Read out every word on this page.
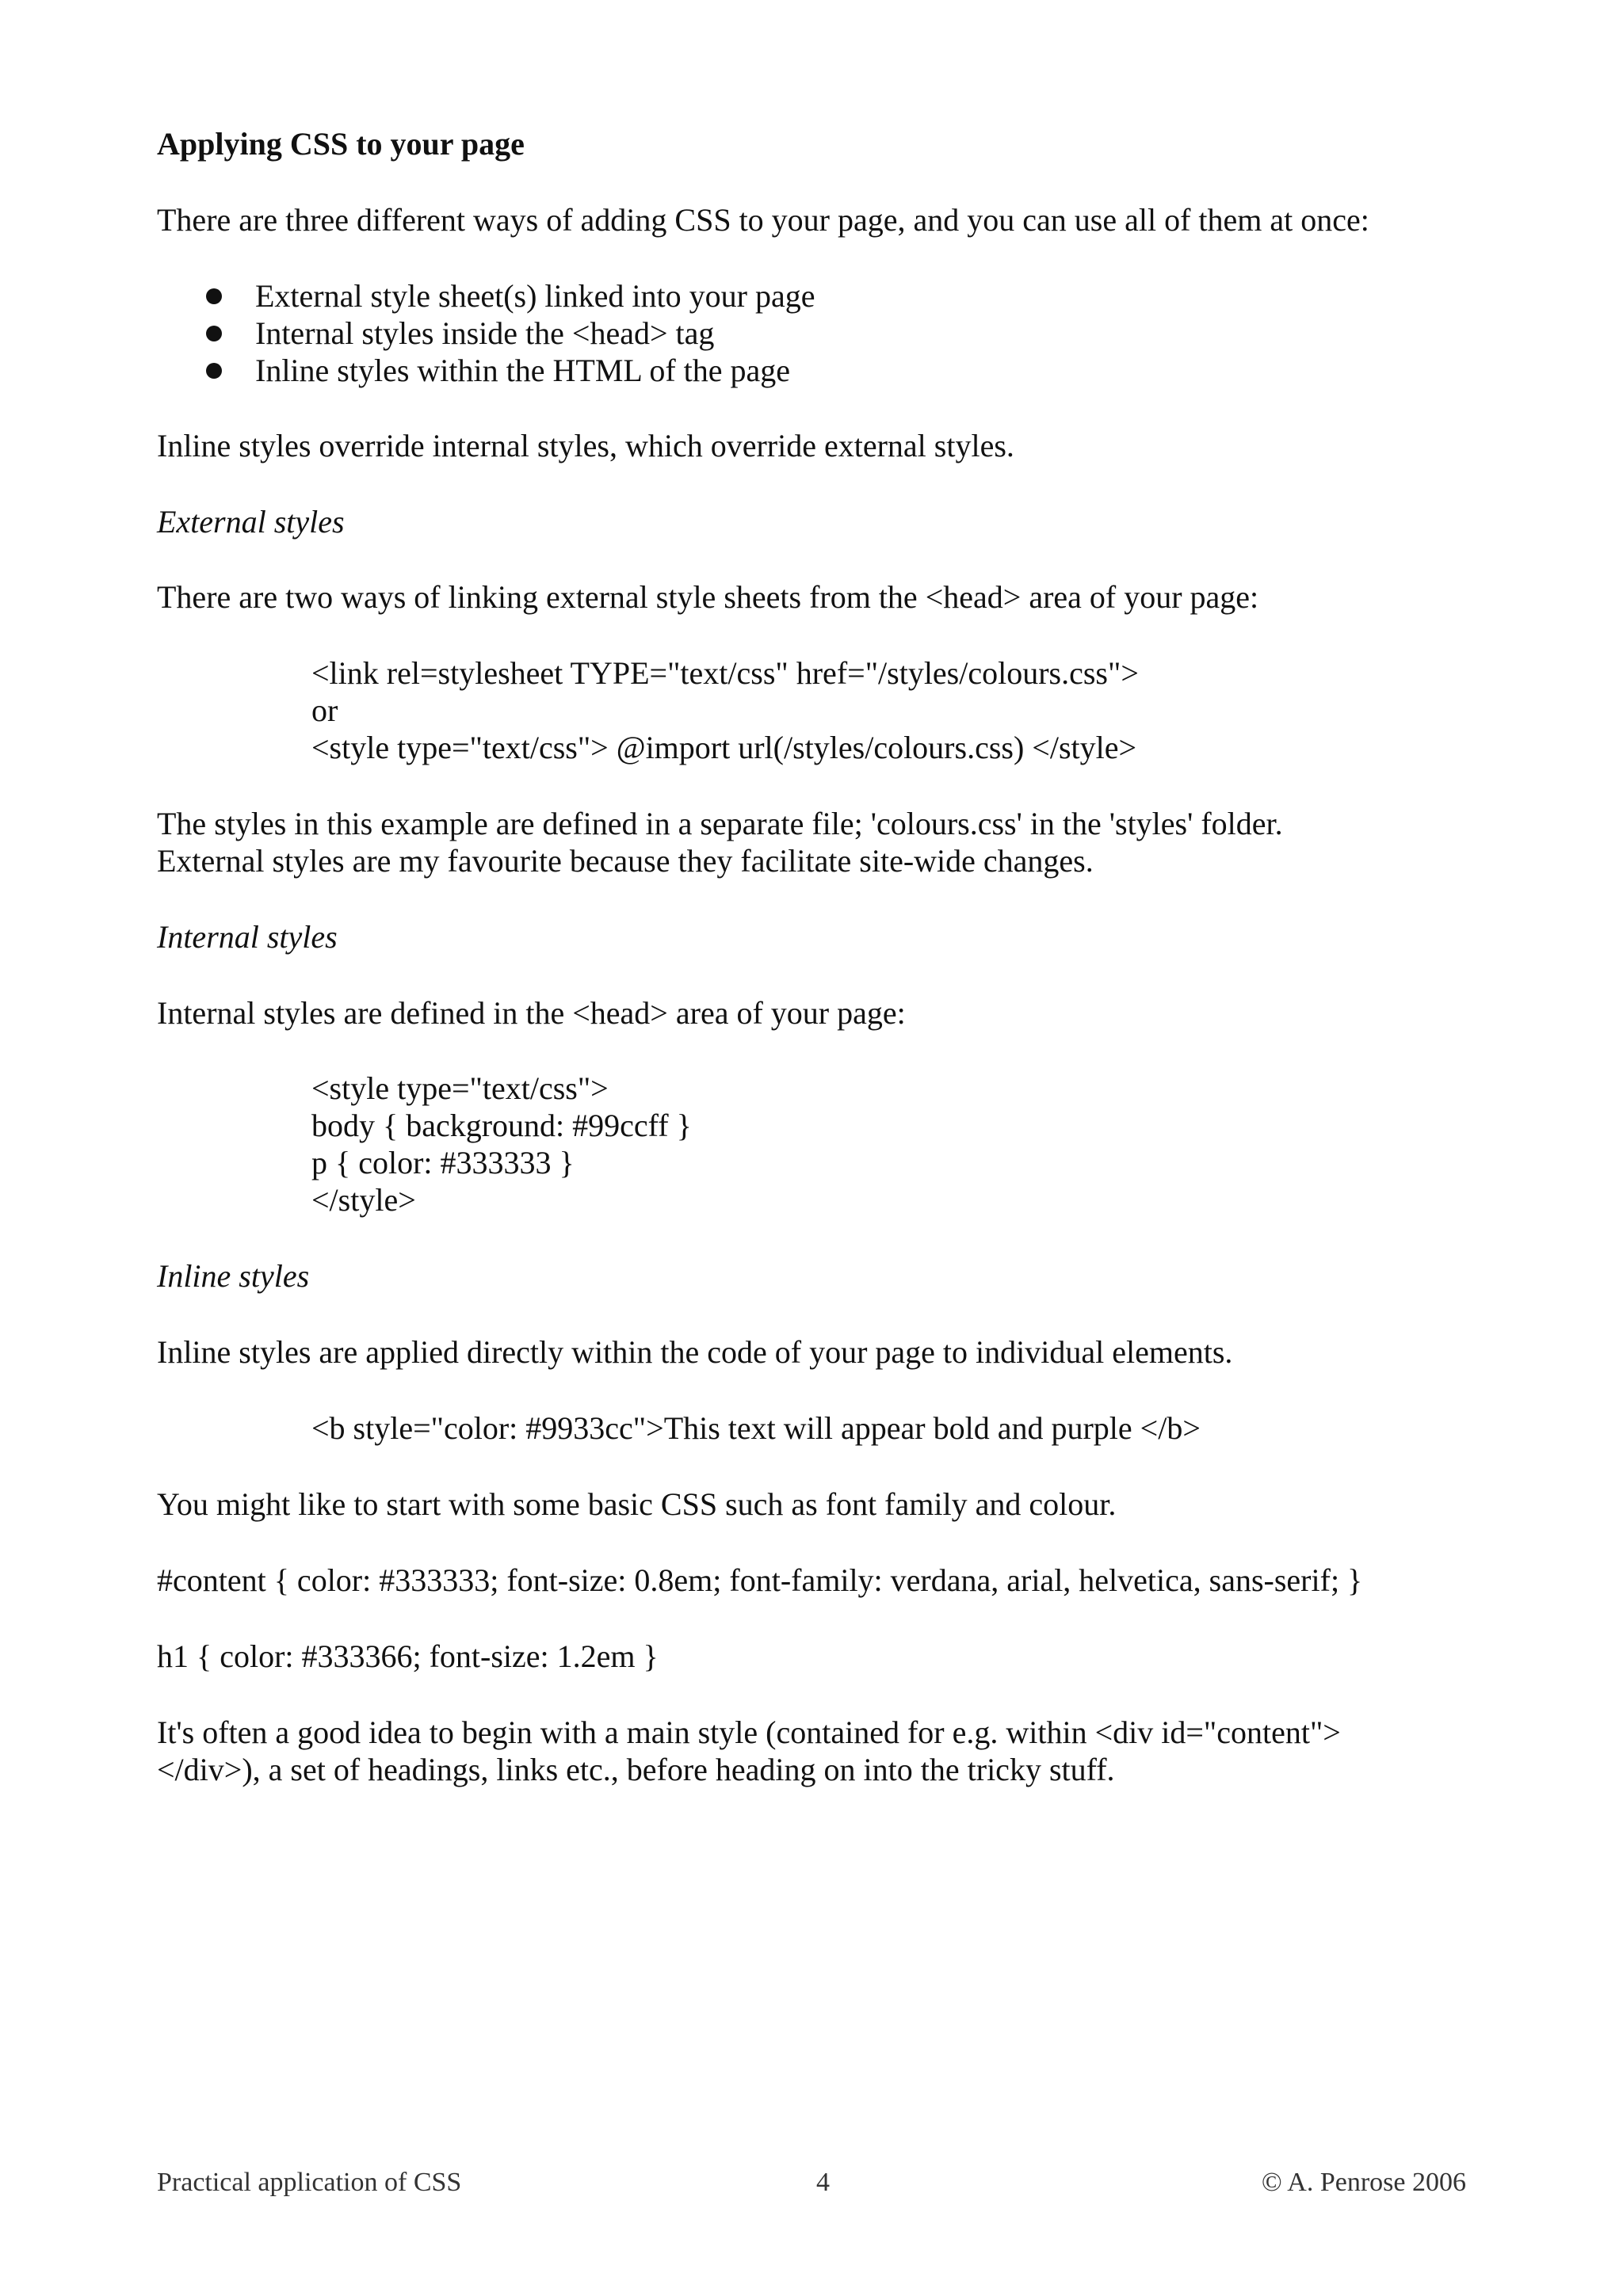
Applying CSS to your page

There are three different ways of adding CSS to your page, and you can use all of them at once:

External style sheet(s) linked into your page

Internal styles inside the <head> tag

Inline styles within the HTML of the page

Inline styles override internal styles, which override external styles.

External styles

There are two ways of linking external style sheets from the <head> area of your page:

<link rel=stylesheet TYPE="text/css" href="/styles/colours.css">

or

<style type="text/css"> @import url(/styles/colours.css) </style>

The styles in this example are defined in a separate file; 'colours.css' in the 'styles' folder.

External styles are my favourite because they facilitate site-wide changes.

Internal styles

Internal styles are defined in the <head> area of your page:

<style type="text/css">

body { background: #99ccff }

p { color: #333333 }

</style>

Inline styles

Inline styles are applied directly within the code of your page to individual elements.

<b style="color: #9933cc">This text will appear bold and purple </b>

You might like to start with some basic CSS such as font family and colour.

#content { color: #333333; font-size: 0.8em; font-family: verdana, arial, helvetica, sans-serif; }

h1 { color: #333366; font-size: 1.2em }

It's often a good idea to begin with a main style (contained for e.g. within <div id="content">

</div>), a set of headings, links etc., before heading on into the tricky stuff.

Practical application of CSS	4	© A. Penrose 2006
